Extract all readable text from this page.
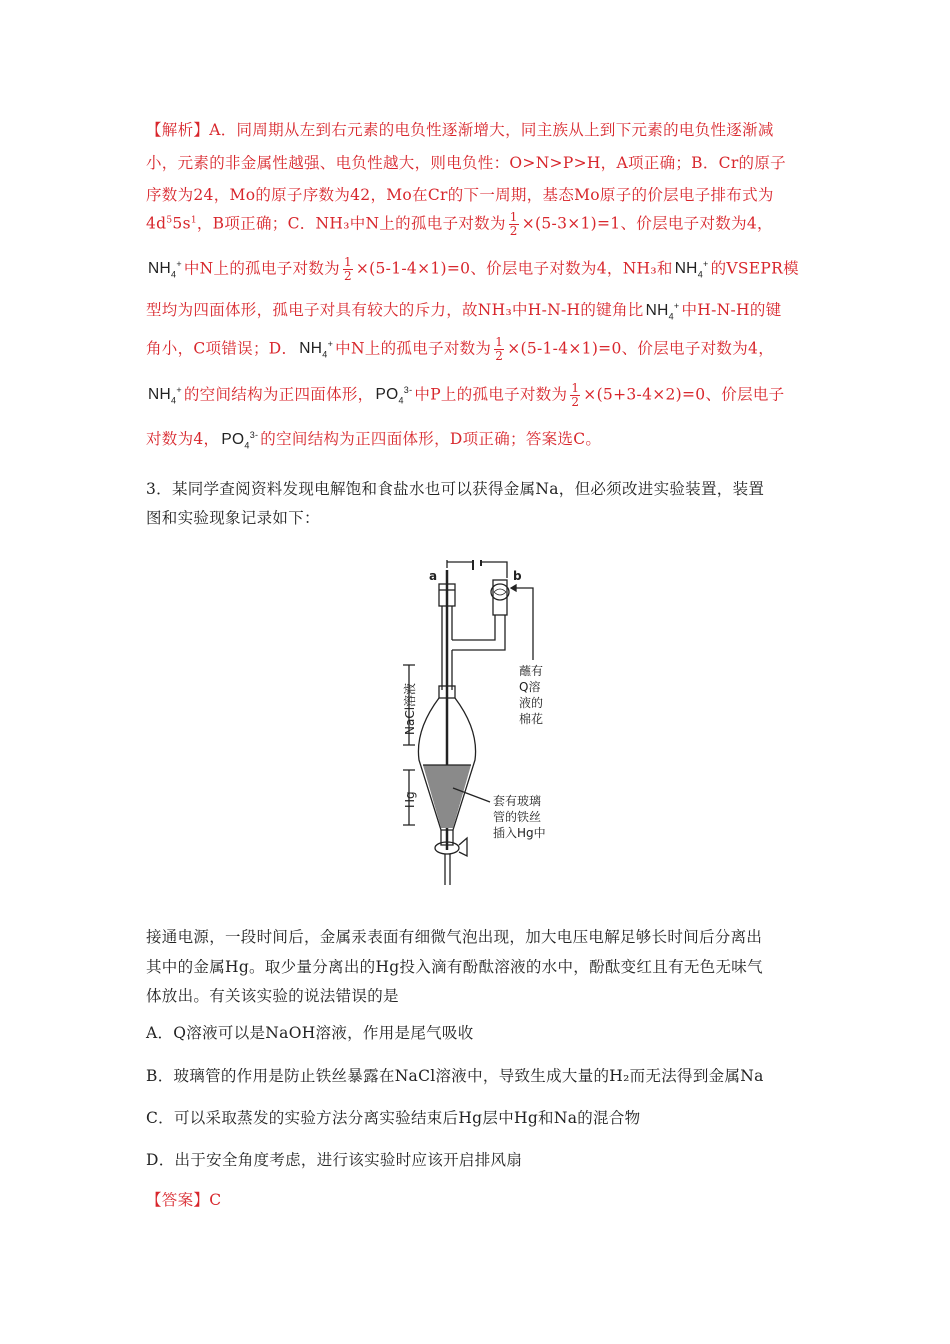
【解析】A．同周期从左到右元素的电负性逐渐增大，同主族从上到下元素的电负性逐渐减
小，元素的非金属性越强、电负性越大，则电负性：O>N>P>H，A项正确；B．Cr的原子
序数为24，Mo的原子序数为42，Mo在Cr的下一周期，基态Mo原子的价层电子排布式为
$4d^55s^1$，B项正确；C．NH₃中N上的孤电子对数为 $\frac{1}{2} \times(5-3\times 1)=1$、价层电子对数为4，
$NH_4^+$ 中N上的孤电子对数为 $\frac{1}{2} \times(5-1-4\times 1)=0$、价层电子对数为4，NH₃和 $NH_4^+$ 的VSEPR模
型均为四面体形，孤电子对具有较大的斥力，故NH₃中H-N-H的键角比 $NH_4^+$ 中H-N-H的键
角小，C项错误；D． $NH_4^+$ 中N上的孤电子对数为 $\frac{1}{2} \times(5-1-4\times 1)=0$、价层电子对数为4，
$NH_4^+$ 的空间结构为正四面体形， $PO_4^{3-}$ 中P上的孤电子对数为 $\frac{1}{2} \times(5+3-4\times 2)=0$、价层电子
对数为4， $PO_4^{3-}$ 的空间结构为正四面体形，D项正确；答案选C。
3．某同学查阅资料发现电解饱和食盐水也可以获得金属Na，但必须改进实验装置，装置
图和实验现象记录如下：
a	b
NaCl溶液
Hg
蘸有
Q溶
液的
棉花
套有玻璃
管的铁丝
插入Hg中
接通电源，一段时间后，金属汞表面有细微气泡出现，加大电压电解足够长时间后分离出
其中的金属Hg。取少量分离出的Hg投入滴有酚酞溶液的水中，酚酞变红且有无色无味气
体放出。有关该实验的说法错误的是
A．Q溶液可以是NaOH溶液，作用是尾气吸收
B．玻璃管的作用是防止铁丝暴露在NaCl溶液中，导致生成大量的H₂而无法得到金属Na
C．可以采取蒸发的实验方法分离实验结束后Hg层中Hg和Na的混合物
D．出于安全角度考虑，进行该实验时应该开启排风扇
【答案】C
